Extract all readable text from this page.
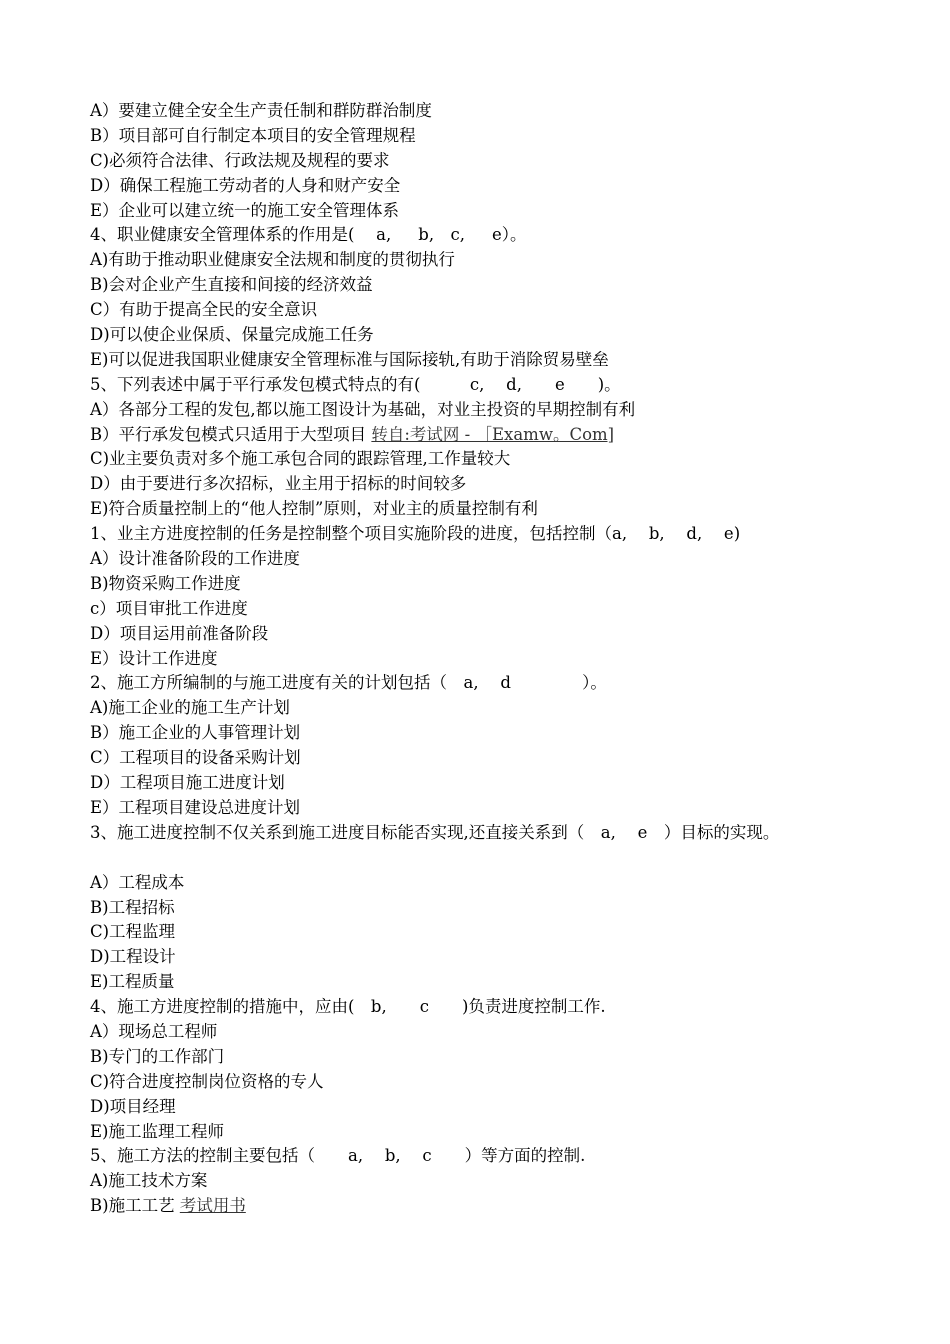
A）要建立健全安全生产责任制和群防群治制度
B）项目部可自行制定本项目的安全管理规程
C)必须符合法律、行政法规及规程的要求
D）确保工程施工劳动者的人身和财产安全
E）企业可以建立统一的施工安全管理体系
4、职业健康安全管理体系的作用是(　 a,　  b,　c,　  e）。
A)有助于推动职业健康安全法规和制度的贯彻执行
B)会对企业产生直接和间接的经济效益
C）有助于提高全民的安全意识
D)可以使企业保质、保量完成施工任务
E)可以促进我国职业健康安全管理标准与国际接轨,有助于消除贸易壁垒
5、下列表述中属于平行承发包模式特点的有(　　　c,　 d,　　e　　)。
A）各部分工程的发包,都以施工图设计为基础，对业主投资的早期控制有利
B）平行承发包模式只适用于大型项目 转自:考试网 - ［Examw。Com]
C)业主要负责对多个施工承包合同的跟踪管理,工作量较大
D）由于要进行多次招标，业主用于招标的时间较多
E)符合质量控制上的“他人控制”原则，对业主的质量控制有利
1、业主方进度控制的任务是控制整个项目实施阶段的进度，包括控制（a,　 b,　 d,　 e)
A）设计准备阶段的工作进度
B)物资采购工作进度
c）项目审批工作进度
D）项目运用前准备阶段
E）设计工作进度
2、施工方所编制的与施工进度有关的计划包括（　a,　 d　　　　 ）。
A)施工企业的施工生产计划
B）施工企业的人事管理计划
C）工程项目的设备采购计划
D）工程项目施工进度计划
E）工程项目建设总进度计划
3、施工进度控制不仅关系到施工进度目标能否实现,还直接关系到（　a,　 e　）目标的实现。
A）工程成本
B)工程招标
C)工程监理
D)工程设计
E)工程质量
4、施工方进度控制的措施中，应由(　b,　　c　　)负责进度控制工作.
A）现场总工程师
B)专门的工作部门
C)符合进度控制岗位资格的专人
D)项目经理
E)施工监理工程师
5、施工方法的控制主要包括（　　a,　 b,　 c　　）等方面的控制.
A)施工技术方案
B)施工工艺 考试用书
